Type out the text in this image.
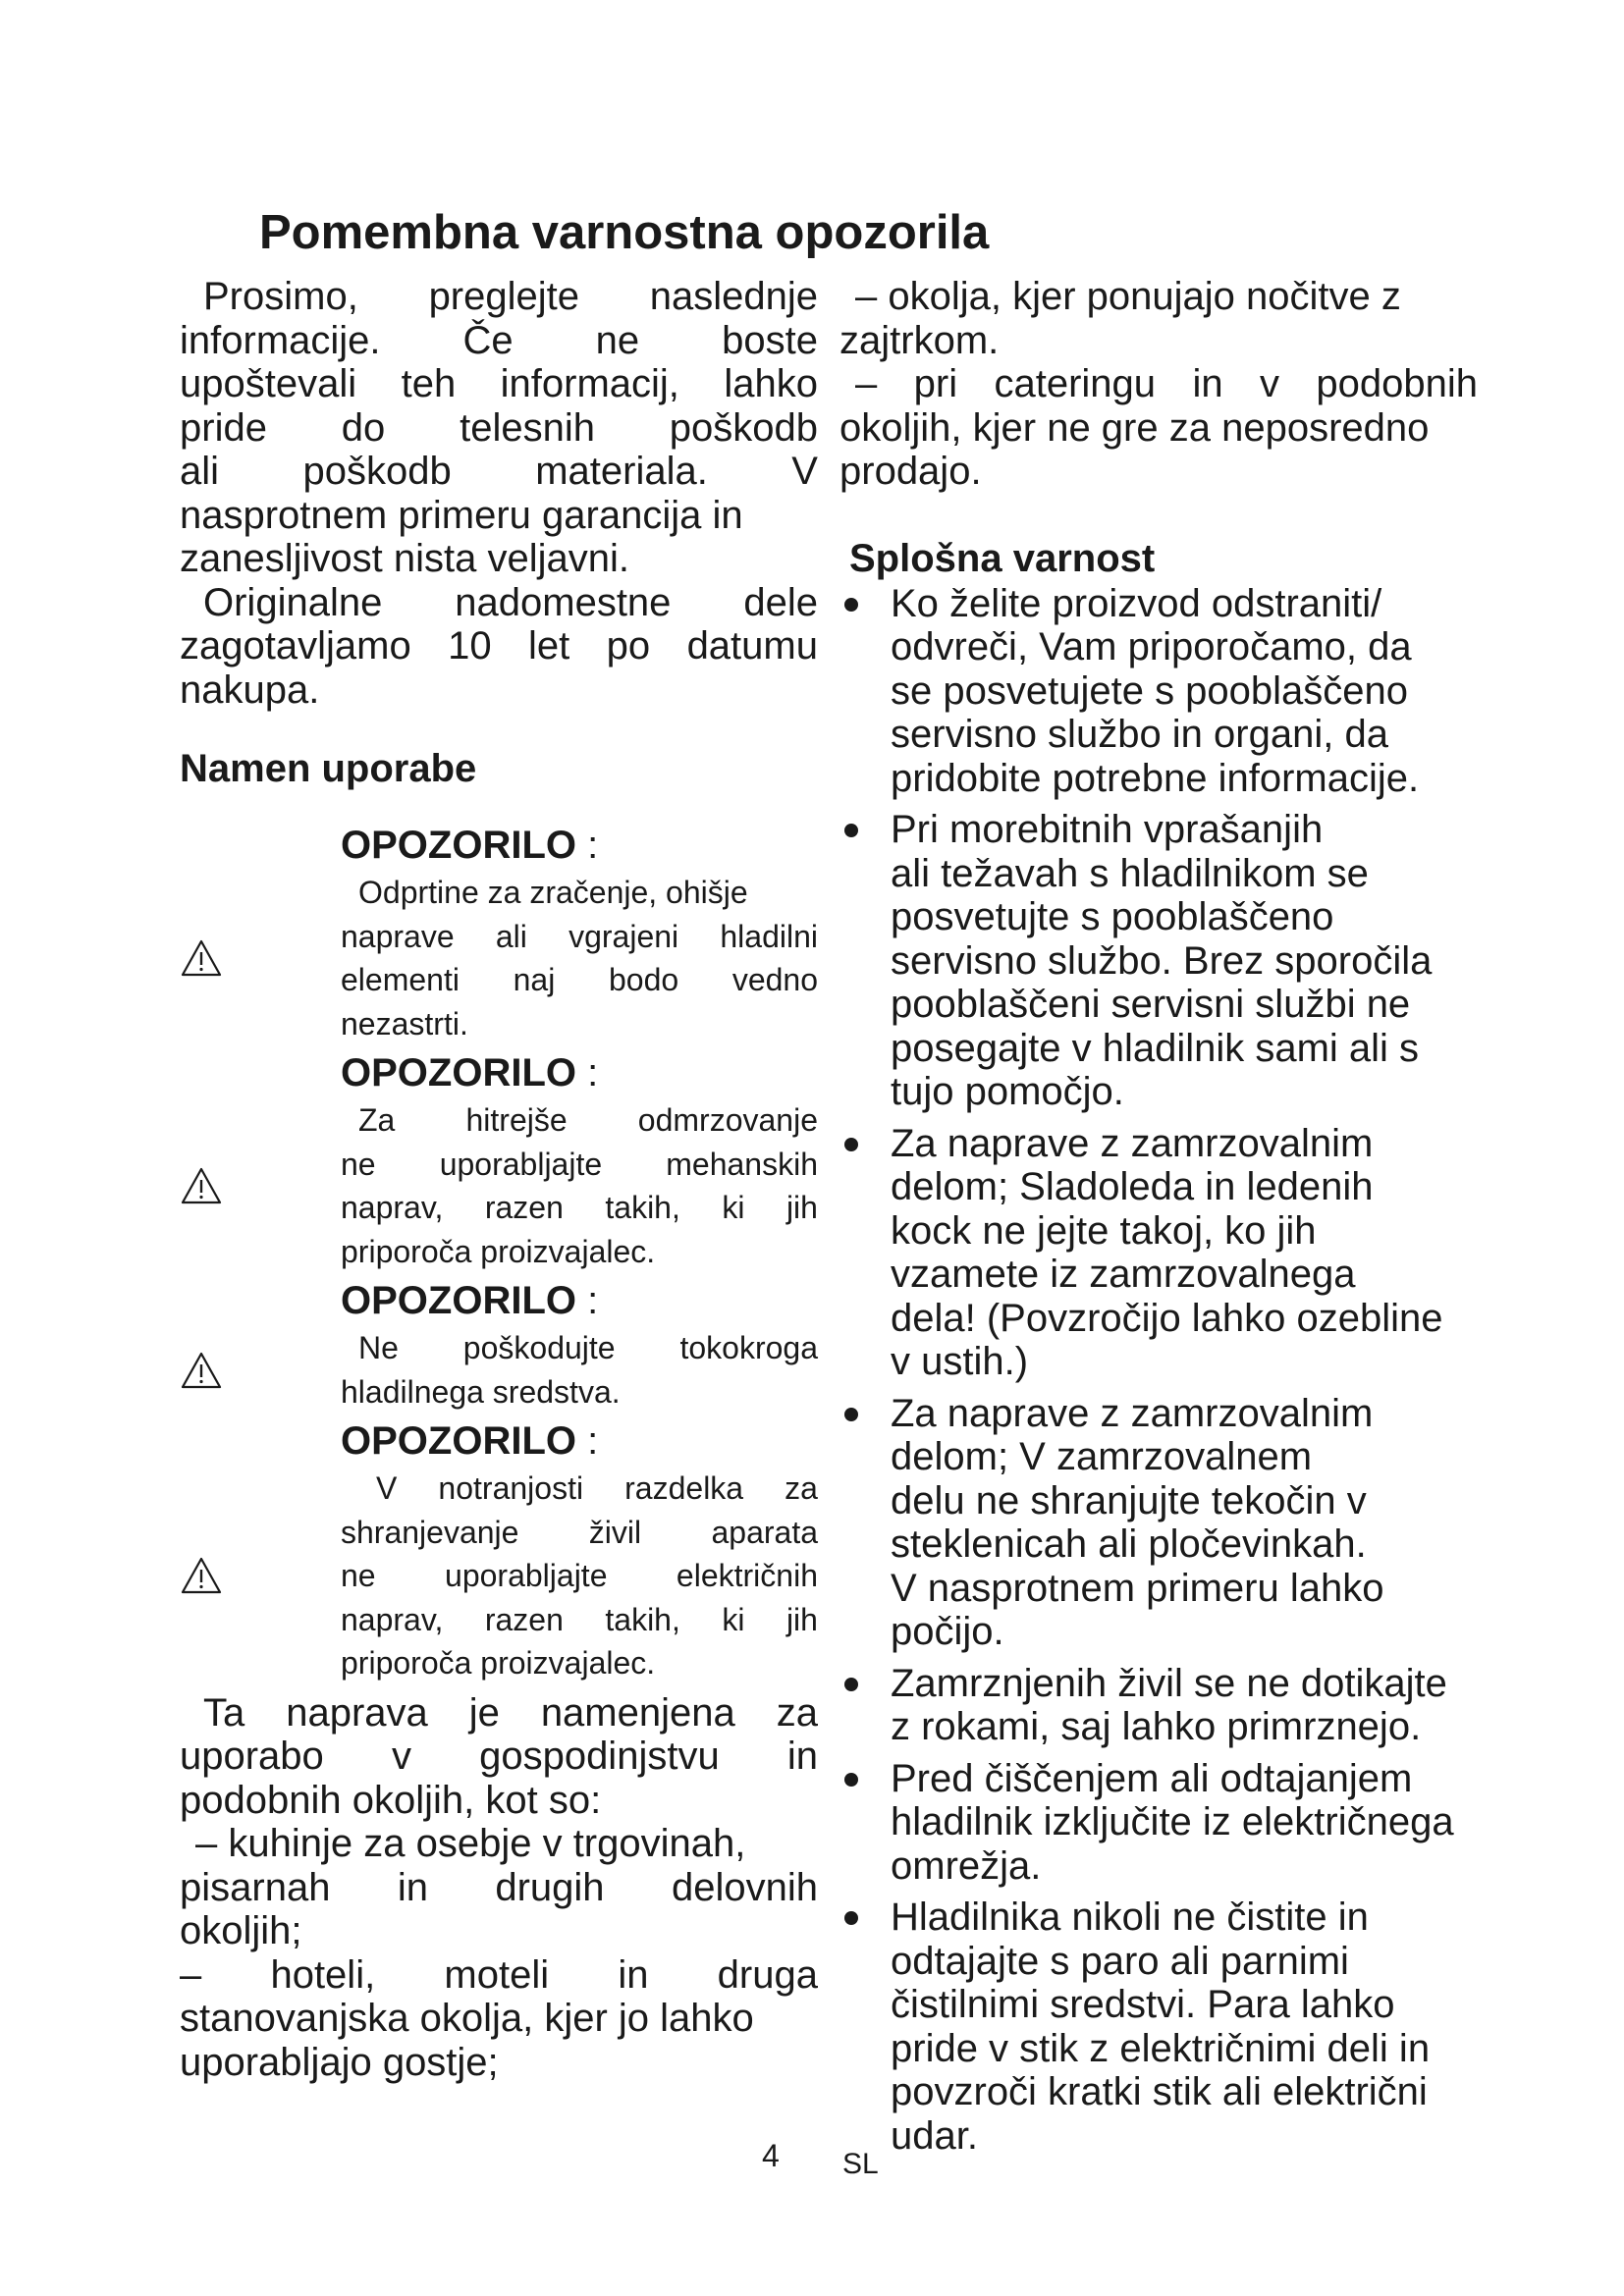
Pomembna varnostna opozorila
Prosimo, preglejte naslednje
informacije. Če ne boste
upoštevali teh informacij, lahko
pride do telesnih poškodb
ali poškodb materiala. V
nasprotnem primeru garancija in
zanesljivost nista veljavni.
Originalne nadomestne dele
zagotavljamo 10 let po datumu
nakupa.
Namen uporabe
OPOZORILO :
Odprtine za zračenje, ohišje
naprave ali vgrajeni hladilni
elementi naj bodo vedno
nezastrti.
OPOZORILO :
Za hitrejše odmrzovanje
ne uporabljajte mehanskih
naprav, razen takih, ki jih
priporoča proizvajalec.
OPOZORILO :
Ne poškodujte tokokroga
hladilnega sredstva.
OPOZORILO :
V notranjosti razdelka za
shranjevanje živil aparata
ne uporabljajte električnih
naprav, razen takih, ki jih
priporoča proizvajalec.
Ta naprava je namenjena za
uporabo v gospodinjstvu in
podobnih okoljih, kot so:
– kuhinje za osebje v trgovinah,
pisarnah in drugih delovnih
okoljih;
– hoteli, moteli in druga
stanovanjska okolja, kjer jo lahko
uporabljajo gostje;
– okolja, kjer ponujajo nočitve z
zajtrkom.
– pri cateringu in v podobnih
okoljih, kjer ne gre za neposredno
prodajo.
Splošna varnost
Ko želite proizvod odstraniti/
odvreči, Vam priporočamo, da
se posvetujete s pooblaščeno
servisno službo in organi, da
pridobite potrebne informacije.
Pri morebitnih vprašanjih
ali težavah s hladilnikom se
posvetujte s pooblaščeno
servisno službo. Brez sporočila
pooblaščeni servisni službi ne
posegajte v hladilnik sami ali s
tujo pomočjo.
Za naprave z zamrzovalnim
delom; Sladoleda in ledenih
kock ne jejte takoj, ko jih
vzamete iz zamrzovalnega
dela! (Povzročijo lahko ozebline
v ustih.)
Za naprave z zamrzovalnim
delom; V zamrzovalnem
delu ne shranjujte tekočin v
steklenicah ali pločevinkah.
V nasprotnem primeru lahko
počijo.
Zamrznjenih živil se ne dotikajte
z rokami, saj lahko primrznejo.
Pred čiščenjem ali odtajanjem
hladilnik izključite iz električnega
omrežja.
Hladilnika nikoli ne čistite in
odtajajte s paro ali parnimi
čistilnimi sredstvi. Para lahko
pride v stik z električnimi deli in
povzroči kratki stik ali električni
udar.
4 SL
